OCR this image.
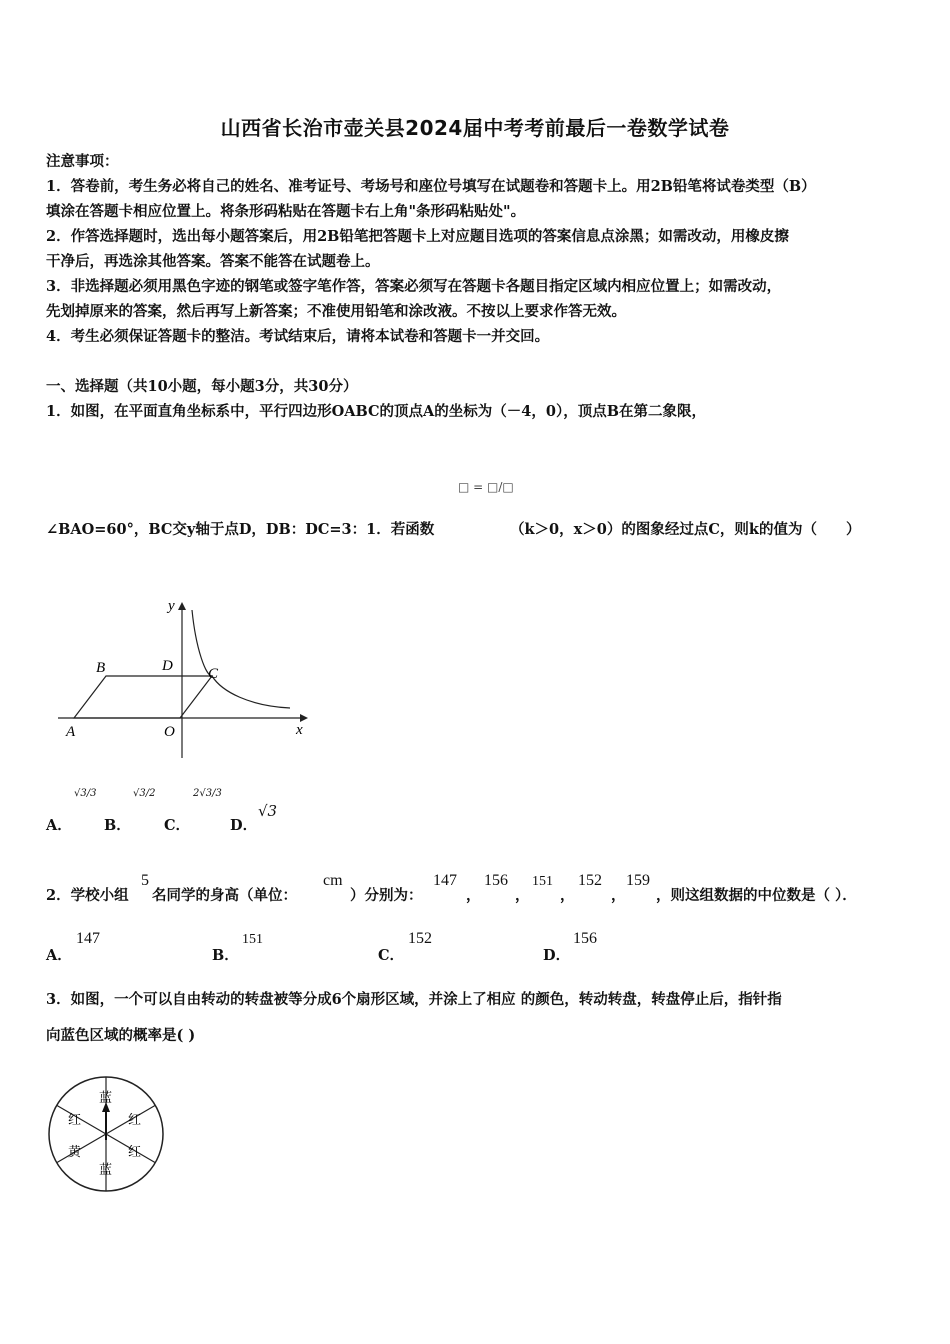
山西省长治市壶关县2024届中考考前最后一卷数学试卷
注意事项：
1．答卷前，考生务必将自己的姓名、准考证号、考场号和座位号填写在试题卷和答题卡上。用2B铅笔将试卷类型（B）
填涂在答题卡相应位置上。将条形码粘贴在答题卡右上角"条形码粘贴处"。
2．作答选择题时，选出每小题答案后，用2B铅笔把答题卡上对应题目选项的答案信息点涂黑；如需改动，用橡皮擦
干净后，再选涂其他答案。答案不能答在试题卷上。
3．非选择题必须用黑色字迹的钢笔或签字笔作答，答案必须写在答题卡各题目指定区域内相应位置上；如需改动，
先划掉原来的答案，然后再写上新答案；不准使用铅笔和涂改液。不按以上要求作答无效。
4．考生必须保证答题卡的整洁。考试结束后，请将本试卷和答题卡一并交回。
一、选择题（共10小题，每小题3分，共30分）
1．如图，在平面直角坐标系中，平行四边形OABC的顶点A的坐标为（－4，0），顶点B在第二象限，
□ = □/□
∠BAO=60°，BC交y轴于点D，DB：DC=3：1．若函数	（k＞0，x＞0）的图象经过点C，则k的值为（　　）
y
x
B	D C
A	O
A．
√3/3
B．
√3/2
C．
2√3/3
D．
√3
2．学校小组
5
名同学的身高（单位：
cm
）分别为：
147
，
156
，
151
，
152
，
159
，则这组数据的中位数是（ ）．
A．
147
B．
151
C．
152
D．
156
3．如图，一个可以自由转动的转盘被等分成6个扇形区域，并涂上了相应 的颜色，转动转盘，转盘停止后，指针指
向蓝色区域的概率是( )
蓝
红
红
蓝
黄
红
